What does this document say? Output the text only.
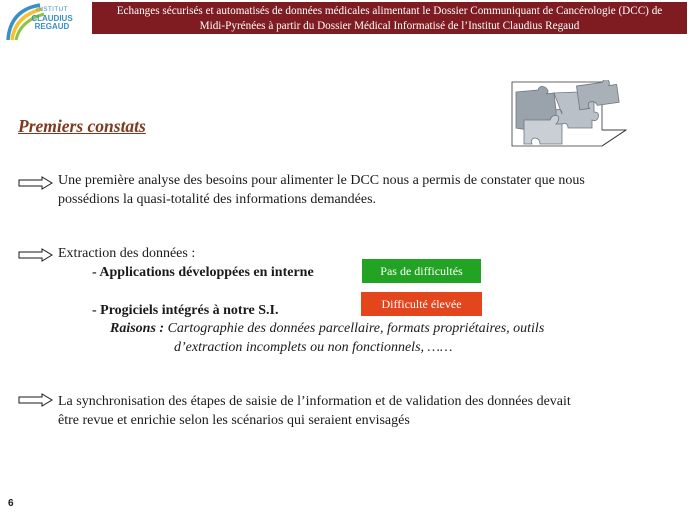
INSTITUT
CLAUDIUS
REGAUD
Echanges sécurisés et automatisés de données médicales alimentant le Dossier Communiquant de Cancérologie (DCC) de
Midi-Pyrénées à partir du Dossier Médical Informatisé de l’Institut Claudius Regaud
Premiers constats
Une première analyse des besoins pour alimenter le DCC nous a permis de constater que nous
possédions la quasi-totalité des informations demandées.
Extraction des données :
- Applications développées en interne	Pas de difficultés
- Progiciels intégrés à notre S.I.	Difficulté élevée
Raisons : Cartographie des données parcellaire, formats propriétaires, outils
d’extraction incomplets ou non fonctionnels, ……
La synchronisation des étapes de saisie de l’information et de validation des données devait
être revue et enrichie selon les scénarios qui seraient envisagés
6
